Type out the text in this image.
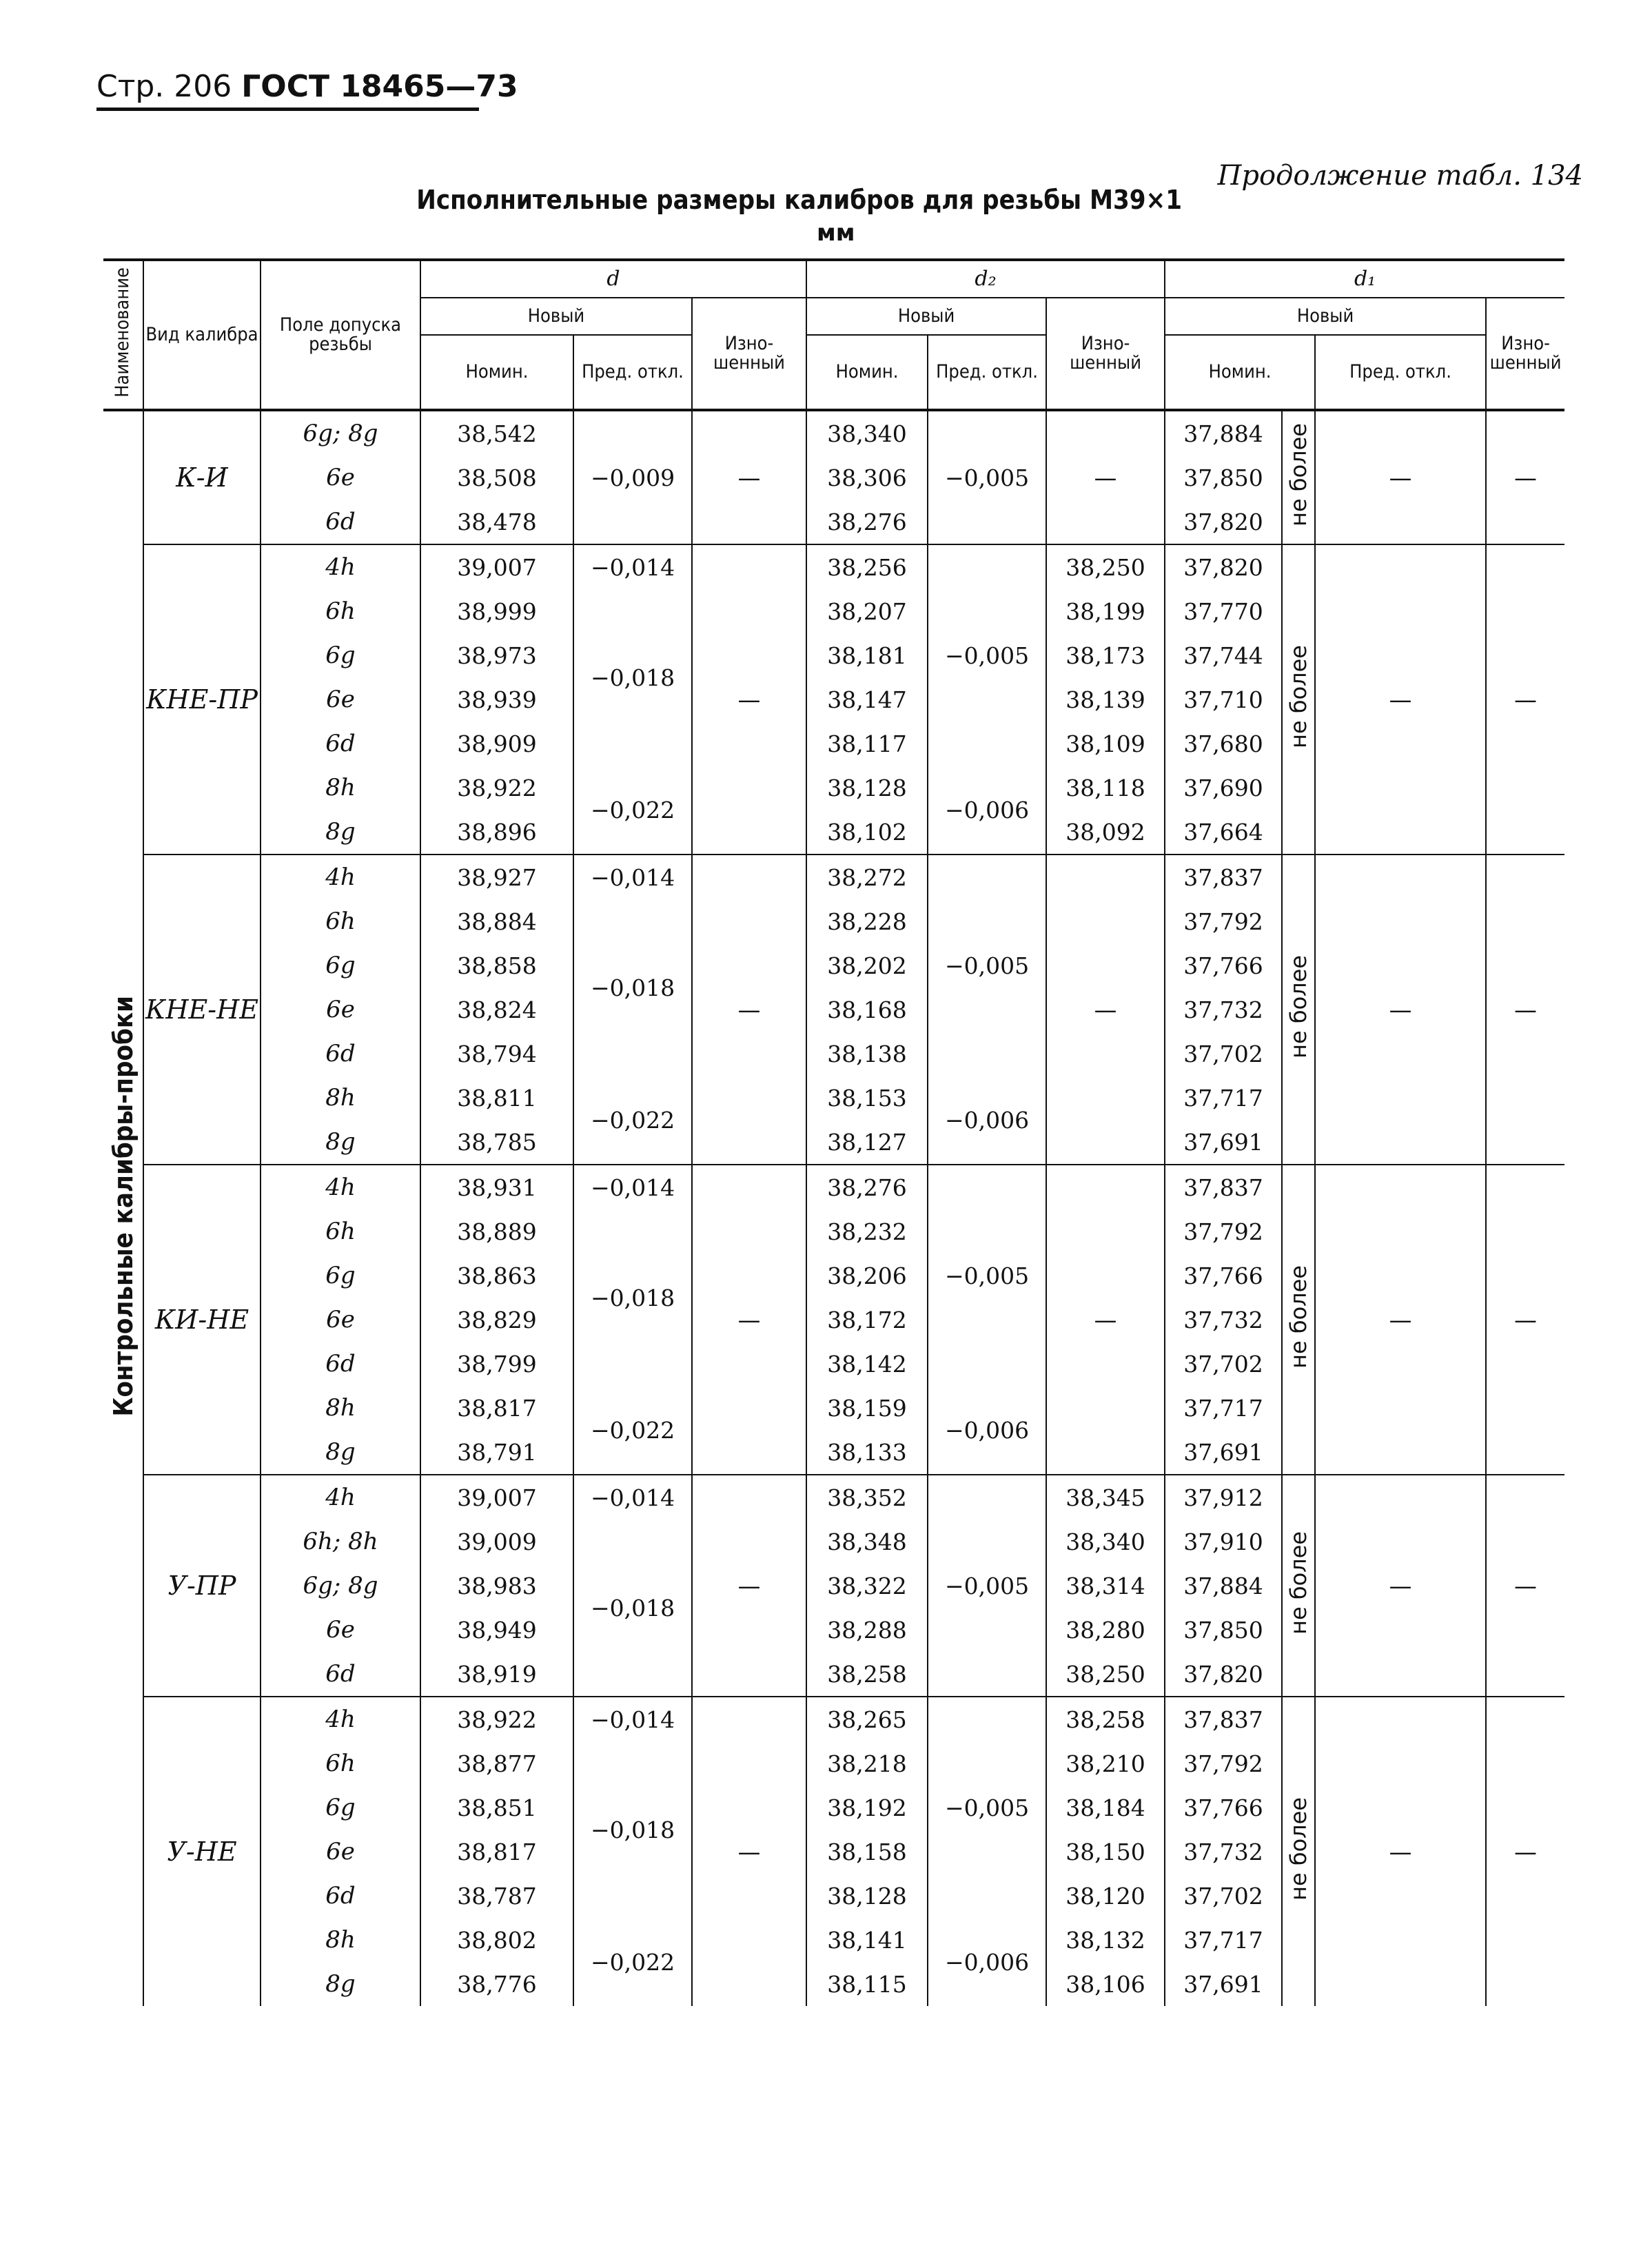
Стр. 206 ГОСТ 18465—73
Продолжение табл. 134
Исполнительные размеры калибров для резьбы М39×1
мм
Наименование	Вид калибра	Поле допуска резьбы	d			d₂			d₁			
			Новый		Изно-шенный	Новый		Изно-шенный	Новый			Изно-шенный
			Номин.	Пред. откл.		Номин.	Пред. откл.		Номин.		Пред. откл.	
Контрольные калибры-пробки	К-И	6g; 8g	38,542	−0,009	—	38,340	−0,005	—	37,884	не более	—	—
		6e	38,508			38,306			37,850			
		6d	38,478			38,276			37,820			
	КНЕ-ПР	4h	39,007	−0,014	—	38,256	−0,005	38,250	37,820	не более	—	—
		6h	38,999	−0,018		38,207		38,199	37,770			
		6g	38,973			38,181		38,173	37,744			
		6e	38,939			38,147		38,139	37,710			
		6d	38,909			38,117		38,109	37,680			
		8h	38,922	−0,022		38,128	−0,006	38,118	37,690			
		8g	38,896			38,102		38,092	37,664			
	КНЕ-НЕ	4h	38,927	−0,014	—	38,272	−0,005	—	37,837	не более	—	—
		6h	38,884	−0,018		38,228			37,792			
		6g	38,858			38,202			37,766			
		6e	38,824			38,168			37,732			
		6d	38,794			38,138			37,702			
		8h	38,811	−0,022		38,153	−0,006		37,717			
		8g	38,785			38,127			37,691			
	КИ-НЕ	4h	38,931	−0,014	—	38,276	−0,005	—	37,837	не более	—	—
		6h	38,889	−0,018		38,232			37,792			
		6g	38,863			38,206			37,766			
		6e	38,829			38,172			37,732			
		6d	38,799			38,142			37,702			
		8h	38,817	−0,022		38,159	−0,006		37,717			
		8g	38,791			38,133			37,691			
	У-ПР	4h	39,007	−0,014	—	38,352	−0,005	38,345	37,912	не более	—	—
		6h; 8h	39,009	−0,018		38,348		38,340	37,910			
		6g; 8g	38,983			38,322		38,314	37,884			
		6e	38,949			38,288		38,280	37,850			
		6d	38,919			38,258		38,250	37,820			
	У-НЕ	4h	38,922	−0,014	—	38,265	−0,005	38,258	37,837	не более	—	—
		6h	38,877	−0,018		38,218		38,210	37,792			
		6g	38,851			38,192		38,184	37,766			
		6e	38,817			38,158		38,150	37,732			
		6d	38,787			38,128		38,120	37,702			
		8h	38,802	−0,022		38,141	−0,006	38,132	37,717			
		8g	38,776			38,115		38,106	37,691			
